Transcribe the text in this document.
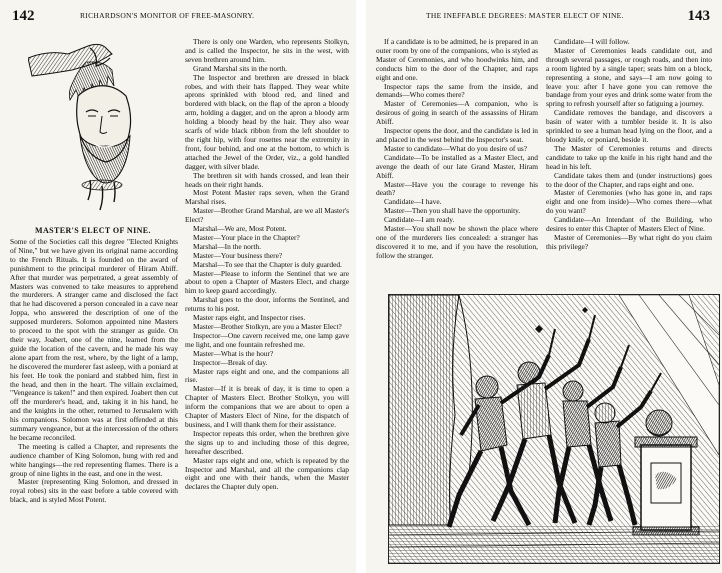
142	RICHARDSON'S MONITOR OF FREE-MASONRY.
MASTER'S ELECT OF NINE.

Some of the Societies call this degree "Elected Knights of Nine," but we have given its original name according to the French Rituals. It is founded on the award of punishment to the principal murderer of Hiram Abiff. After that murder was perpetrated, a great assembly of Masters was convened to take measures to apprehend the murderers. A stranger came and disclosed the fact that he had discovered a person concealed in a cave near Joppa, who answered the description of one of the supposed murderers. Solomon appointed nine Masters to proceed to the spot with the stranger as guide. On their way, Joabert, one of the nine, learned from the guide the location of the cavern, and he made his way alone apart from the rest, where, by the light of a lamp, he discovered the murderer fast asleep, with a poniard at his feet. He took the poniard and stabbed him, first in the head, and then in the heart. The villain exclaimed, "Vengeance is taken!" and then expired. Joabert then cut off the murderer's head, and, taking it in his hand, he and the knights in the other, returned to Jerusalem with his companions. Solomon was at first offended at this summary vengeance, but at the intercession of the others he became reconciled.

The meeting is called a Chapter, and represents the audience chamber of King Solomon, hung with red and white hangings—the red representing flames. There is a group of nine lights in the east, and one in the west.

Master (representing King Solomon, and dressed in royal robes) sits in the east before a table covered with black, and is styled Most Potent.

There is only one Warden, who represents Stolkyn, and is called the Inspector, he sits in the west, with seven brethren around him.

Grand Marshal sits in the north.

The Inspector and brethren are dressed in black robes, and with their hats flapped. They wear white aprons sprinkled with blood red, and lined and bordered with black, on the flap of the apron a bloody arm, holding a dagger, and on the apron a bloody arm holding a bloody head by the hair. They also wear scarfs of wide black ribbon from the left shoulder to the right hip, with four rosettes near the extremity in front, four behind, and one at the bottom, to which is attached the Jewel of the Order, viz., a gold handled dagger, with silver blade.

The brethren sit with hands crossed, and lean their heads on their right hands.

Most Potent Master raps seven, when the Grand Marshal rises.

Master—Brother Grand Marshal, are we all Master's Elect?

Marshal—We are, Most Potent.

Master—Your place in the Chapter?

Marshal—In the north.

Master—Your business there?

Marshal—To see that the Chapter is duly guarded.

Master—Please to inform the Sentinel that we are about to open a Chapter of Masters Elect, and charge him to keep guard accordingly.

Marshal goes to the door, informs the Sentinel, and returns to his post.

Master raps eight, and Inspector rises.

Master—Brother Stolkyn, are you a Master Elect?

Inspector—One cavern received me, one lamp gave me light, and one fountain refreshed me.

Master—What is the hour?

Inspector—Break of day.

Master raps eight and one, and the companions all rise.

Master—If it is break of day, it is time to open a Chapter of Masters Elect. Brother Stolkyn, you will inform the companions that we are about to open a Chapter of Masters Elect of Nine, for the dispatch of business, and I will thank them for their assistance.

Inspector repeats this order, when the brethren give the signs up to and including those of this degree, hereafter described.

Master raps eight and one, which is repeated by the Inspector and Marshal, and all the companions clap eight and one with their hands, when the Master declares the Chapter duly open.

THE INEFFABLE DEGREES: MASTER ELECT OF NINE.	143

If a candidate is to be admitted, he is prepared in an outer room by one of the companions, who is styled as Master of Ceremonies, and who hoodwinks him, and conducts him to the door of the Chapter, and raps eight and one.

Inspector raps the same from the inside, and demands—Who comes there?

Master of Ceremonies—A companion, who is desirous of going in search of the assassins of Hiram Abiff.

Inspector opens the door, and the candidate is led in and placed in the west behind the Inspector's seat.

Master to candidate—What do you desire of us?

Candidate—To be installed as a Master Elect, and avenge the death of our late Grand Master, Hiram Abiff.

Master—Have you the courage to revenge his death?

Candidate—I have.

Master—Then you shall have the opportunity.

Candidate—I am ready.

Master—You shall now be shown the place where one of the murderers lies concealed: a stranger has discovered it to me, and if you have the resolution, follow the stranger.

Candidate—I will follow.

Master of Ceremonies leads candidate out, and through several passages, or rough roads, and then into a room lighted by a single taper; seats him on a block, representing a stone, and says—I am now going to leave you: after I have gone you can remove the bandage from your eyes and drink some water from the spring to refresh yourself after so fatiguing a journey.

Candidate removes the bandage, and discovers a basin of water with a tumbler beside it. It is also sprinkled to see a human head lying on the floor, and a bloody knife, or poniard, beside it.

The Master of Ceremonies returns and directs candidate to take up the knife in his right hand and the head in his left.

Candidate takes them and (under instructions) goes to the door of the Chapter, and raps eight and one.

Master of Ceremonies (who has gone in, and raps eight and one from inside)—Who comes there—what do you want?

Candidate—An Intendant of the Building, who desires to enter this Chapter of Masters Elect of Nine.

Master of Ceremonies—By what right do you claim this privilege?
